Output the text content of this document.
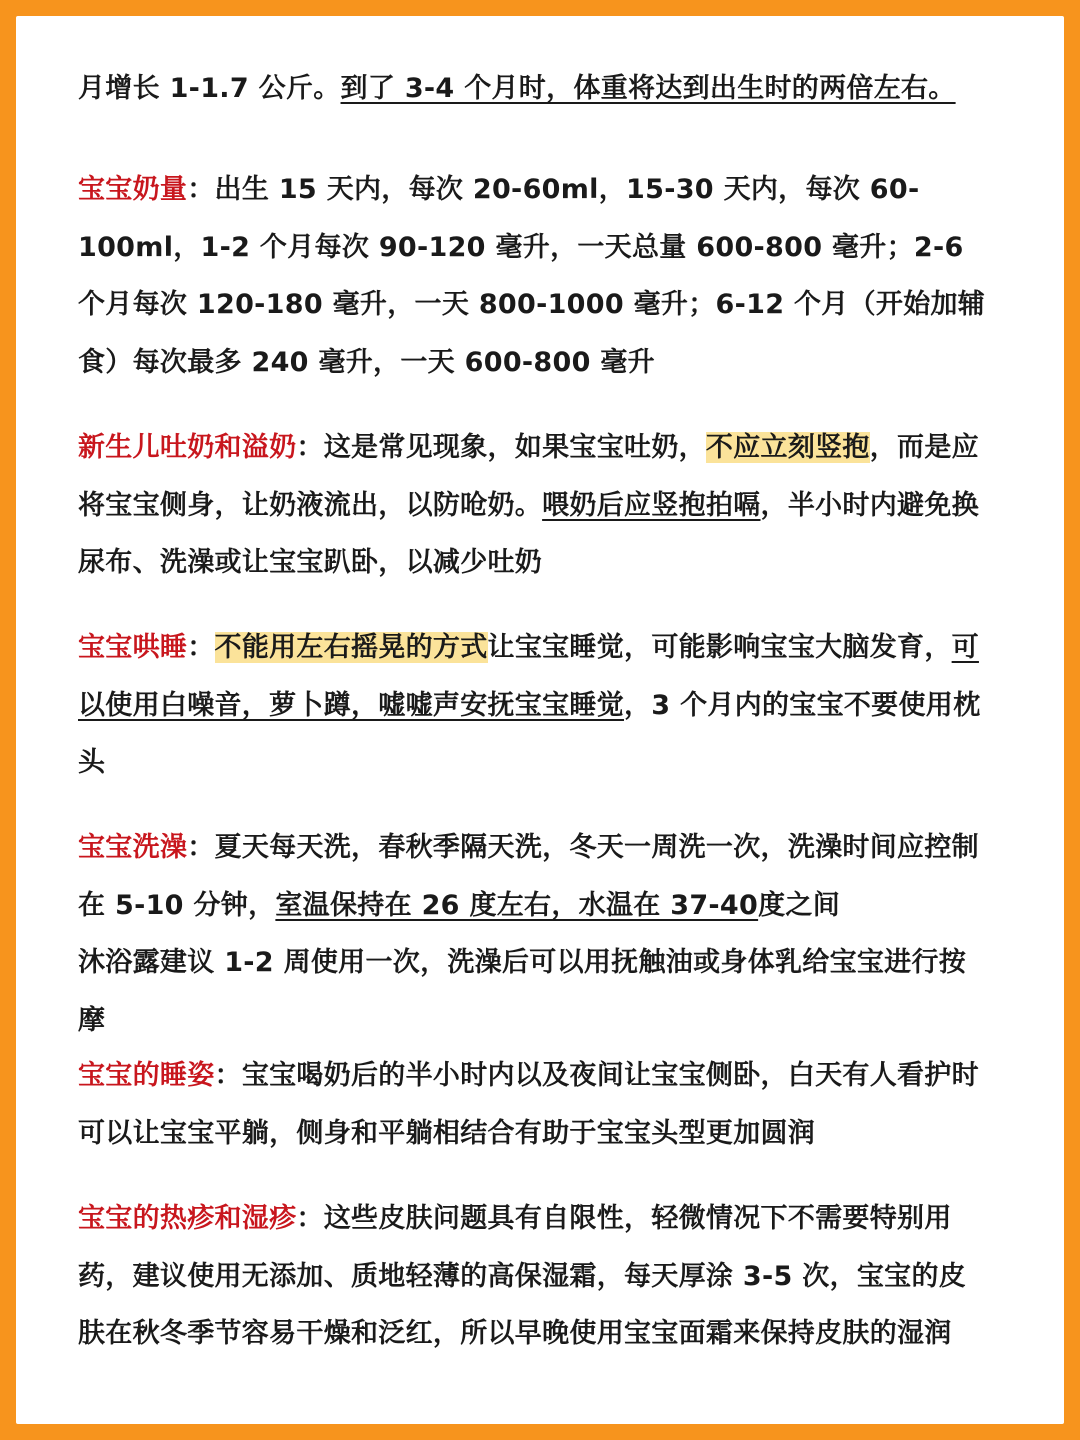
月增长 1-1.7 公斤。到了 3-4 个月时，体重将达到出生时的两倍左右。
宝宝奶量：出生 15 天内，每次 20-60ml，15-30 天内，每次 60-100ml，1-2 个月每次 90-120 毫升，一天总量 600-800 毫升；2-6 个月每次 120-180 毫升，一天 800-1000 毫升；6-12 个月（开始加辅食）每次最多 240 毫升，一天 600-800 毫升
新生儿吐奶和溢奶：这是常见现象，如果宝宝吐奶，不应立刻竖抱，而是应将宝宝侧身，让奶液流出，以防呛奶。喂奶后应竖抱拍嗝，半小时内避免换尿布、洗澡或让宝宝趴卧，以减少吐奶
宝宝哄睡：不能用左右摇晃的方式让宝宝睡觉，可能影响宝宝大脑发育，可以使用白噪音，萝卜蹲，嘘嘘声安抚宝宝睡觉，3 个月内的宝宝不要使用枕头
宝宝洗澡：夏天每天洗，春秋季隔天洗，冬天一周洗一次，洗澡时间应控制在 5-10 分钟，室温保持在 26 度左右，水温在 37-40度之间
沐浴露建议 1-2 周使用一次，洗澡后可以用抚触油或身体乳给宝宝进行按摩
宝宝的睡姿：宝宝喝奶后的半小时内以及夜间让宝宝侧卧，白天有人看护时可以让宝宝平躺，侧身和平躺相结合有助于宝宝头型更加圆润
宝宝的热疹和湿疹：这些皮肤问题具有自限性，轻微情况下不需要特别用药，建议使用无添加、质地轻薄的高保湿霜，每天厚涂 3-5 次，宝宝的皮肤在秋冬季节容易干燥和泛红，所以早晚使用宝宝面霜来保持皮肤的湿润
